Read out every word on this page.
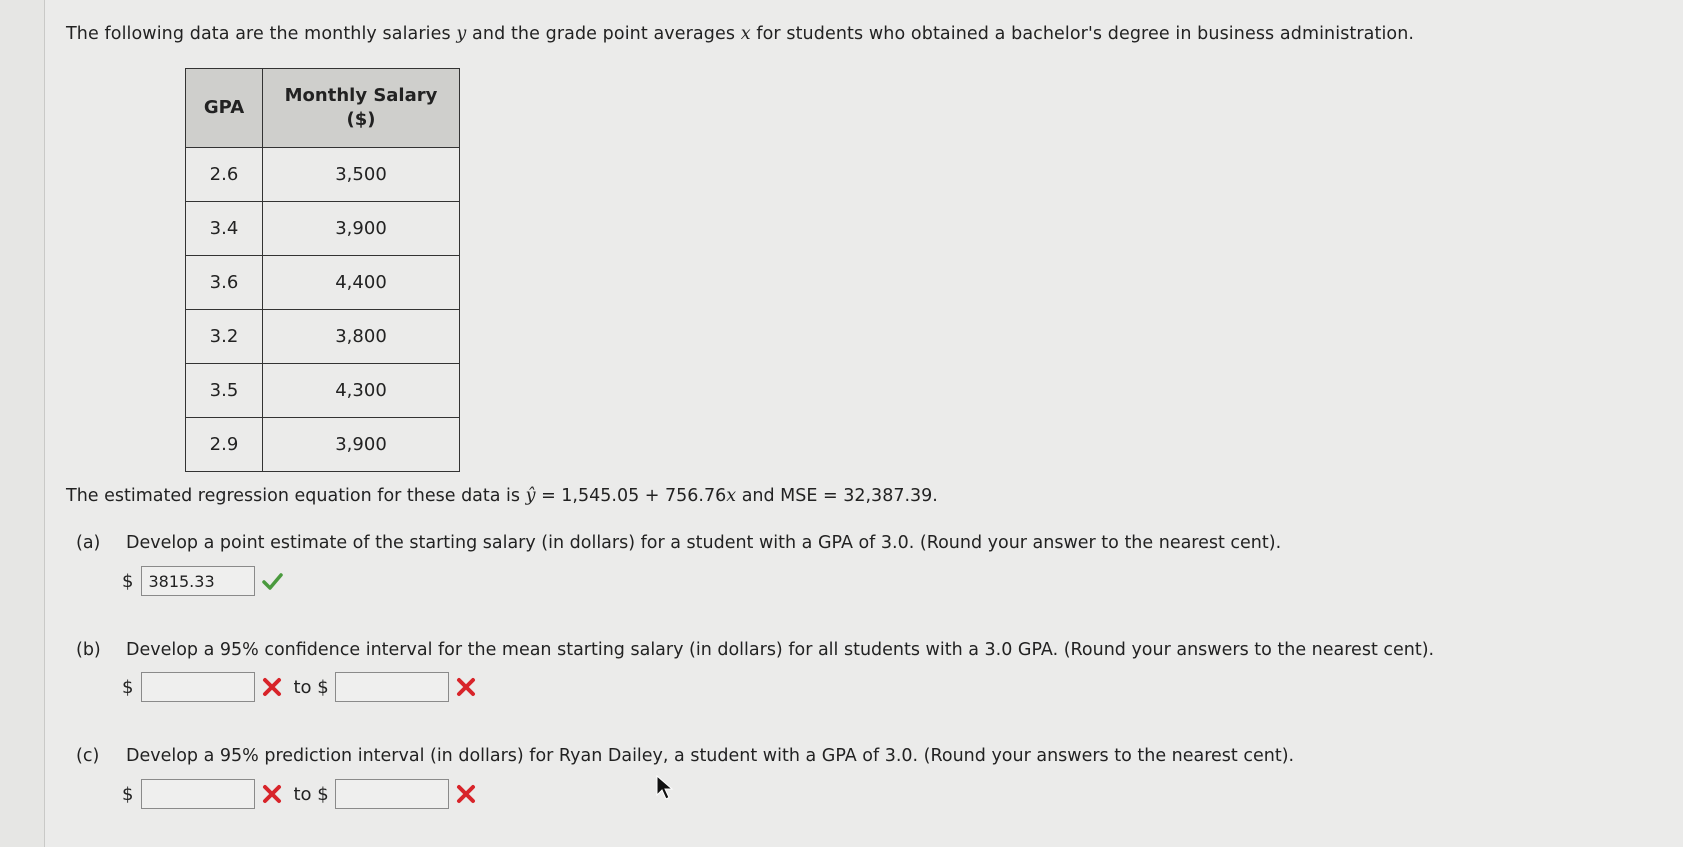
The following data are the monthly salaries y and the grade point averages x for students who obtained a bachelor's degree in business administration.
GPA	Monthly Salary
($)
2.6	3,500
3.4	3,900
3.6	4,400
3.2	3,800
3.5	4,300
2.9	3,900
The estimated regression equation for these data is ŷ = 1,545.05 + 756.76x and MSE = 32,387.39.
(a) Develop a point estimate of the starting salary (in dollars) for a student with a GPA of 3.0. (Round your answer to the nearest cent).
$ 3815.33
(b) Develop a 95% confidence interval for the mean starting salary (in dollars) for all students with a 3.0 GPA. (Round your answers to the nearest cent).
$	to $
(c) Develop a 95% prediction interval (in dollars) for Ryan Dailey, a student with a GPA of 3.0. (Round your answers to the nearest cent).
$	to $
